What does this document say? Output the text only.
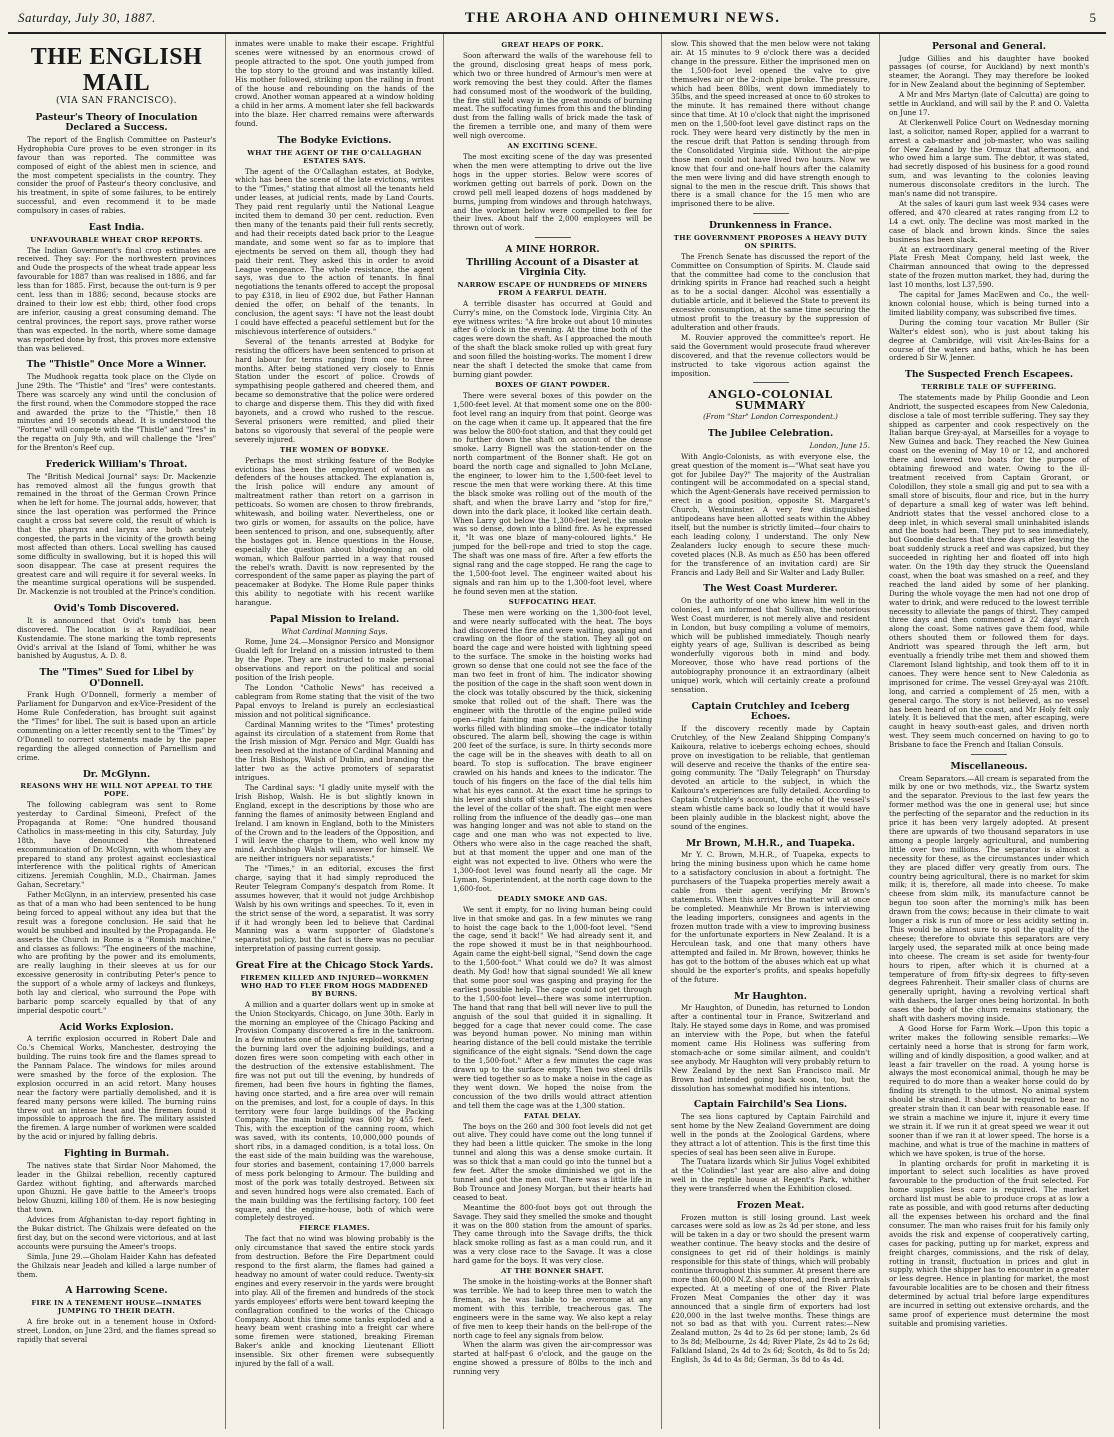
Saturday, July 30, 1887.	THE AROHA AND OHINEMURI NEWS.	5
THE ENGLISH MAIL
(VIA SAN FRANCISCO).
Pasteur's Theory of Inoculation Declared a Success.

The report of the English Committee on Pasteur's Hydrophobia Cure proves to be even stronger in its favour than was reported. The committee was composed of eight of the ablest men in science, and the most competent specialists in the country. They consider the proof of Pasteur's theory conclusive, and his treatment, in spite of some failures, to be entirely successful, and even recommend it to be made compulsory in cases of rabies.

East India.
UNFAVOURABLE WHEAT CROP REPORTS.

The Indian Government's final crop estimates are received. They say: For the northwestern provinces and Oude the prospects of the wheat trade appear less favourable for 1887 than was realised in 1886, and far less than for 1885. First, because the out-turn is 9 per cent. less than in 1886; second, because stocks are drained to their low est ebb; third, other food crops are inferior, causing a great consuming demand. The central provinces, the report says, prove rather worse than was expected. In the north, where some damage was reported done by frost, this proves more extensive than was believed.

The "Thistle" Once More a Winner.

The Mudhook regatta took place on the Clyde on June 29th. The "Thistle" and "Ires" were contestants. There was scarcely any wind until the conclusion of the first round, when the Commodore stopped the race and awarded the prize to the "Thistle," then 18 minutes and 19 seconds ahead. It is understood the "Fortune" will compete with the "Thistle" and "Ires" in the regatta on July 9th, and will challenge the "Ires" for the Brenton's Reef cup.

Frederick William's Throat.

The "British Medical Journal" says: Dr. Mackenzie has removed almost all the fungus growth that remained in the throat of the German Crown Prince when he left for home. The journal adds, however, that since the last operation was performed the Prince caught a cross bat severe cold, the result of which is that the pharynx and larynx are both acutely congested, the parts in the vicinity of the growth being most affected than others. Local swelling has caused some difficulty in swallowing, but it is hoped this will soon disappear. The case at present requires the greatest care and will require it for several weeks. In the meantime surgical operations will be suspended. Dr. Mackenzie is not troubled at the Prince's condition.

Ovid's Tomb Discovered.

It is announced that Ovid's tomb has been discovered. The location is at Rayadikioi, near Kustendamie. The stone marking the tomb represents Ovid's arrival at the Island of Tomi, whither he was banished by Augustus, A. D. 8.

The "Times" Sued for Libel by O'Donnell.

Frank Hugh O'Donnell, formerly a member of Parliament for Dungarvon and ex-Vice-President of the Home Rule Confederation, has brought suit against the "Times" for libel. The suit is based upon an article commenting on a letter recently sent to the "Times" by O'Donnell to correct statements made by the paper regarding the alleged connection of Parnellism and crime.

Dr. McGlynn.
REASONS WHY HE WILL NOT APPEAL TO THE POPE.

The following cablegram was sent to Rome yesterday to Cardinal Simeoni, Prefect of the Propaganda at Rome: "One hundred thousand Catholics in mass-meeting in this city, Saturday, July 18th, have denounced the threatened excommunication of Dr. McGlynn, with whom they are prepared to stand any protest against ecclesiastical interference with the political rights of American citizens. Jeremiah Coughlin, M.D., Chairman. James Gahan, Secretary."

Father McGlynn, in an interview, presented his case as that of a man who had been sentenced to be hung being forced to appeal without any idea but that the result was a foregone conclusion. He said that he would be snubbed and insulted by the Propaganda. He asserts the Church in Rome is a "Romish machine," and classes as follows: "The engineers of the machine, who are profiting by the power and its emoluments, are really laughing in their sleeves at us for our excessive generosity in contributing Peter's pence to the support of a whole army of lackeys and flunkeys, both lay and clerical, who surround the Pope with barbaric pomp scarcely equalled by that of any imperial despotic court."

Acid Works Explosion.

A terrific explosion occurred in Robert Dale and Co.'s Chemical Works, Manchester, destroying the building. The ruins took fire and the flames spread to the Pannam Palace. The windows for miles around were smashed by the force of the explosion. The explosion occurred in an acid retort. Many houses near the factory were partially demolished, and it is feared many persons were killed. The burning ruins threw out an intense heat and the firemen found it impossible to approach the fire. The military assisted the firemen. A large number of workmen were scalded by the acid or injured by falling debris.

Fighting in Burmah.

The natives state that Sirdar Noor Mahomed, the leader in the Ghilzai rebellion, recently captured Gardez without fighting, and afterwards marched upon Ghuzni. He gave battle to the Ameer's troops below Ghuzni, killing 180 of them. He is now besieging that town.

Advices from Afghanistan to-day report fighting in the Bukar district. The Ghilzais were defeated on the first day, but on the second were victorious, and at last accounts were pursuing the Ameer's troops.

Simla, June 29.—Gholam Haider Kahn has defeated the Ghilzais near Jeadeh and killed a large number of them.

A Harrowing Scene.
FIRE IN A TENEMENT HOUSE—INMATES JUMPING TO THEIR DEATH.

A fire broke out in a tenement house in Oxford-street, London, on June 23rd, and the flames spread so rapidly that several

inmates were unable to make their escape. Frightful scenes were witnessed by an enormous crowd of people attracted to the spot. One youth jumped from the top story to the ground and was instantly killed. His mother followed, striking upon the railing in front of the house and rebounding on the hands of the crowd. Another woman appeared at a window holding a child in her arms. A moment later she fell backwards into the blaze. Her charred remains were afterwards found.

The Bodyke Evictions.
WHAT THE AGENT OF THE O'CALLAGHAN ESTATES SAYS.

The agent of the O'Callaghan estates, at Bodyke, which has been the scene of the late evictions, writes to the "Times," stating that almost all the tenants held under leases, at judicial rents, made by Land Courts. They paid rent regularly until the National League incited them to demand 30 per cent. reduction. Even then many of the tenants paid their full rents secretly, and had their receipts dated back prior to the League mandate, and some went so far as to implore that ejectments be served on them all, though they had paid their rent. They asked this in order to avoid League vengeance. The whole resistance, the agent says, was due to the action of tenants. In final negotiations the tenants offered to accept the proposal to pay £318, in lieu of £902 due, but Father Hannan denied the offer, on behalf of the tenants. In conclusion, the agent says: "I have not the least doubt I could have effected a peaceful settlement but for the mischievous interference of outsiders."

Several of the tenants arrested at Bodyke for resisting the officers have been sentenced to prison at hard labour for terms ranging from one to three months. After being stationed very closely to Ennis Station under the escort of police. Crowds of sympathising people gathered and cheered them, and became so demonstrative that the police were ordered to charge and disperse them. This they did with fixed bayonets, and a crowd who rushed to the rescue. Several prisoners were remitted, and plied their batons so vigorously that several of the people were severely injured.

THE WOMEN OF BODYKE.

Perhaps the most striking feature of the Bodyke evictions has been the employment of women as defenders of the houses attacked. The explanation is, the Irish police will endure any amount of maltreatment rather than retort on a garrison in petticoats. So women are chosen to throw firebrands, whitewash, and boiling water. Nevertheless, one or two girls or women, for assaults on the police, have been sentenced to prison, and one, subsequently, after the hostages got in. Hence questions in the House, especially the question about bludgeoning an old woman, which Balfour parried in a way that roused the rebel's wrath. Davitt is now represented by the correspondent of the same paper as playing the part of peacemaker at Bodyke. The Home Rule paper thinks this ability to negotiate with his recent warlike harangue.

Papal Mission to Ireland.
What Cardinal Manning Says.

Rome, June 24.—Monsignor Persico and Monsignor Gualdi left for Ireland on a mission intrusted to them by the Pope. They are instructed to make personal observations and report on the political and social position of the Irish people.

The London "Catholic News" has received a cablegram from Rome stating that the visit of the two Papal envoys to Ireland is purely an ecclesiastical mission and not political significance.

Cardinal Manning writes to the "Times" protesting against its circulation of a statement from Rome that the Irish mission of Mgr. Persico and Mgr. Gualdi has been resolved at the instance of Cardinal Manning and the Irish Bishops, Walsh of Dublin, and branding the latter two as the active promoters of separatist intrigues.

The Cardinal says: "I gladly unite myself with the Irish Bishop, Walsh. He is but slightly known in England, except in the descriptions by those who are fanning the flames of animosity between England and Ireland. I am known in England, both to the Ministers of the Crown and to the leaders of the Opposition, and I will leave the charge to them, who well know my mind. Archbishop Walsh will answer for himself. We are neither intriguers nor separatists."

The "Times," in an editorial, excuses the first charge, saying that it had simply reproduced the Reuter Telegram Company's despatch from Rome. It assumes however, that it would not judge Archbishop Walsh by his own writings and speeches. To it, even in the strict sense of the word, a separatist. It was sorry if it had wrongly been led to believe that Cardinal Manning was a warm supporter of Gladstone's separatist policy, but the fact is there was no peculiar interpretation of passing current gossip.

Great Fire at the Chicago Stock Yards.
FIREMEN KILLED AND INJURED—WORKMEN WHO HAD TO FLEE FROM HOGS MADDENED BY BURNS.

A million and a quarter dollars went up in smoke at the Union Stockyards, Chicago, on June 30th. Early in the morning an employee of the Chicago Packing and Provision Company discovered a fire in the tankroom. In a few minutes one of the tanks exploded, scattering the burning lard over the adjoining buildings, and a dozen fires were soon competing with each other in the destruction of the extensive establishment. The fire was not put out till the evening, by hundreds of firemen, had been five hours in fighting the flames, having once started, and a fire area over will remain on the premises, and lost, for a couple of days. In this territory were four large buildings of the Packing Company. The main building was 600 by 455 feet. This, with the exception of the canning room, which was saved, with its contents, 10,000,000 pounds of short ribs, in a damaged condition, is a total loss. On the east side of the main building was the warehouse, four stories and basement, containing 17,000 barrels of mess pork belonging to Armour. The building and most of the pork was totally destroyed. Between six and seven hundred hogs were also cremated. Each of the main building was the fertilising factory, 100 feet square, and the engine-house, both of which were completely destroyed.

FIERCE FLAMES.

The fact that no wind was blowing probably is the only circumstance that saved the entire stock yards from destruction. Before the Fire Department could respond to the first alarm, the flames had gained a headway no amount of water could reduce. Twenty-six engines and every reservoir in the yards were brought into play. All of the firemen and hundreds of the stock yards employees' efforts were bent toward keeping the conflagration confined to the works of the Chicago Company. About this time some tanks exploded and a heavy beam went crashing into a freight car where some firemen were stationed, breaking Fireman Baker's ankle and knocking Lieutenant Elliott insensible. Six other firemen were subsequently injured by the fall of a wall.

GREAT HEAPS OF PORK.

Soon afterward the walls of the warehouse fell to the ground, disclosing great heaps of mess pork, which two or three hundred of Armour's men were at work removing the best they could. After the flames had consumed most of the woodwork of the building, the fire still held sway in the great mounds of burning meat. The suffocating fumes from this and the blinding dust from the falling walls of brick made the task of the firemen a terrible one, and many of them were well nigh overcome.

AN EXCITING SCENE.

The most exciting scene of the day was presented when the men were attempting to drive out the live hogs in the upper stories. Below were scores of workmen getting out barrels of pork. Down on the crowd pell mell leaped dozens of hogs maddened by burns, jumping from windows and through hatchways, and the workmen below were compelled to flee for their lives. About half the 2,000 employees will be thrown out of work.

A MINE HORROR.
Thrilling Account of a Disaster at Virginia City.
NARROW ESCAPE OF HUNDREDS OF MINERS FROM A FEARFUL DEATH.

A terrible disaster has occurred at Gould and Curry's mine, on the Comstock lode, Virginia City. An eye witness writes: "A fire broke out about 10 minutes after 6 o'clock in the evening. At the time both of the cages were down the shaft. As I approached the mouth of the shaft the black smoke rolled up with great fury and soon filled the hoisting-works. The moment I drew near the shaft I detected the smoke that came from burning giant powder.

BOXES OF GIANT POWDER.

There were several boxes of this powder on the 1,500-feet level. At that moment some one on the 800-foot level rang an inquiry from that point. George was on the cage when it came up. It appeared that the fire was below the 800-foot station, and that they could get no further down the shaft on account of the dense smoke. Larry Bignell was the station-tender on the north compartment of the Bonner shaft. He got on board the north cage and signalled to John McLane, the engineer, to lower him to the 1,500-feet level to rescue the men that were working there. At this time the black smoke was rolling out of the mouth of the shaft, and when the brave Larry and "stop for fire," down into the dark place, it looked like certain death. When Larry got below the 1,300-feet level, the smoke was so dense, down into a blind fire. As he expressed it, "It was one blaze of many-coloured lights." He jumped for the bell-rope and tried to stop the cage. The shaft was one mass of fire. After a few efforts the signal rang and the cage stopped. He rang the cage to the 1,500-foot level. The engineer waited about his signals and ran him up to the 1,300-foot level, where he found seven men at the station.

SUFFOCATING HEAT.

These men were working on the 1,300-foot level, and were nearly suffocated with the heat. The boys had discovered the fire and were waiting, gasping and crawling on the floor of the station. They all got on board the cage and were hoisted with lightning speed to the surface. The smoke in the hoisting works had grown so dense that one could not see the face of the man two feet in front of him. The indicator showing the position of the cage in the shaft soon went down in the clock was totally obscured by the thick, sickening smoke that rolled out of the shaft. There was the engineer with the throttle of the engine pulled wide open—right fainting man on the cage—the hoisting works filled with blinding smoke—the indicator totally obscured. The alarm bell, showing the cage is within 200 feet of the surface, is sure. In thirty seconds more the cage will be in the sheaves with death to all on board. To stop is suffocation. The brave engineer crawled on his hands and knees to the indicator. The touch of his fingers on the face of the dial tells him what his eyes cannot. At the exact time he springs to his lever and shuts off steam just as the cage reaches the level of the collar of the shaft. The eight men were rolling from the influence of the deadly gas—one man was hanging longer and was not able to stand on the cage and one man who was not expected to live. Others who were also in the cage reached the shaft, but at that moment the upper and one man of the eight was not expected to live. Others who were the 1,300-foot level was found nearly all the cage. Mr Lyman, Superintendent, at the north cage down to the 1,600-foot.

DEADLY SMOKE AND GAS.

We sent it empty, for no living human being could live in that smoke and gas. In a few minutes we rang to hoist the cage back to the 1,000-foot level. "Send the cage, send it back!" We had already sent it, and the rope showed it must be in that neighbourhood. Again came the eight-bell signal, "Send down the cage to the 1,500-foot." What could we do? It was almost death. My God! how that signal sounded! We all knew that some poor soul was gasping and praying for the earliest possible help. The cage could not get through to the 1,500-foot level—there was some interruption. The hand that rang that bell will never live to pull the anguish of the soul that guided it in signalling. It begged for a cage that never could come. The case was beyond human power. No mining man within hearing distance of the bell could mistake the terrible significance of the eight signals. "Send down the cage to the 1,500-foot." After a few minutes the cage was drawn up to the surface empty. Then two steel drills were tied together so as to make a noise in the cage as they went down. We hoped the noise from the concussion of the two drills would attract attention and tell them the cage was at the 1,300 station.

FATAL DELAY.

The boys on the 260 and 300 foot levels did not get out alive. They could have come out the long tunnel if they had been a little quicker. The smoke in the long tunnel and along this was a dense smoke curtain. It was so thick that a man could go into the tunnel but a few feet. After the smoke diminished we got in the tunnel and got the men out. There was a little life in Bob Trounce and Jonesy Morgan, but their hearts had ceased to beat.

Meantime the 800-foot boys got out through the Savage. They said they smelled the smoke and thought it was on the 800 station from the amount of sparks. They came through into the Savage drifts, the thick black smoke rolling as fast as a man could run, and it was a very close race to the Savage. It was a close hard game for the boys. It was very close.

AT THE BONNER SHAFT.

The smoke in the hoisting-works at the Bonner shaft was terrible. We had to keep three men to watch the fireman, as he was liable to be overcome at any moment with this terrible, treacherous gas. The engineers were in the same way. We also kept a relay of five men to keep their hands on the bell-rope of the north cage to feel any signals from below.

When the alarm was given the air-compressor was started at half-past 6 o'clock, and the gauge on the engine showed a pressure of 80lbs to the inch and running very

slow. This showed that the men below were not taking air. At 15 minutes to 9 o'clock there was a decided change in the pressure. Either the imprisoned men on the 1,500-foot level opened the valve to give themselves air or the 2-inch pipe broke. The pressure, which had been 80lbs, went down immediately to 35lbs, and the speed increased at once to 60 strokes to the minute. It has remained there without change since that time. At 10 o'clock that night the imprisoned men on the 1,500-foot level gave distinct raps on the rock. They were heard very distinctly by the men in the rescue drift that Patton is sending through from the Consolidated Virginia side. Without the air-pipe those men could not have lived two hours. Now we know that four and one-half hours after the calamity the men were living and did have strength enough to signal to the men in the rescue drift. This shows that there is a small chance for the 15 men who are imprisoned there to be alive.

Drunkenness in France.
THE GOVERNMENT PROPOSES A HEAVY DUTY ON SPIRITS.

The French Senate has discussed the report of the Committee on Consumption of Spirits. M. Claude said that the committee had come to the conclusion that drinking spirits in France had reached such a height as to be a social danger. Alcohol was essentially a dutiable article, and it believed the State to prevent its excessive consumption, at the same time securing the utmost profit to the treasury by the suppression of adulteration and other frauds.

M. Rouvier approved the committee's report. He said the Government would prosecute fraud wherever discovered, and that the revenue collectors would be instructed to take vigorous action against the imposition.

ANGLO-COLONIAL SUMMARY
(From "Star" London Correspondent.)
The Jubilee Celebration.
London, June 15.

With Anglo-Colonists, as with everyone else, the great question of the moment is—"What seat have you got for Jubilee Day?" The majority of the Australian contingent will be accommodated on a special stand, which the Agent-Generals have received permission to erect in a good position, opposite St. Margaret's Church, Westminster. A very few distinguished antipodeans have been allotted seats within the Abbey itself, but the number is strictly limited—four chairs to each leading colony, I understand. The only New Zealanders lucky enough to secure these much-coveted places (N.B. As much as £50 has been offered for the transference of an invitation card) are Sir Francis and Lady Bell and Sir Walter and Lady Buller.

The West Coast Murderer.

On the authority of one who knew him well in the colonies, I am informed that Sullivan, the notorious West Coast murderer, is not merely alive and resident in London, but busy compiling a volume of memoirs, which will be published immediately. Though nearly eighty years of age, Sullivan is described as being wonderfully vigorous both in mind and body. Moreover, those who have read portions of the autobiography pronounce it an extraordinary (albeit unique) work, which will certainly create a profound sensation.

Captain Crutchley and Iceberg Echoes.

If the discovery recently made by Captain Crutchley, of the New Zealand Shipping Company's Kaikoura, relative to icebergs echoing echoes, should prove on investigation to be reliable, that gentleman will deserve and receive the thanks of the entire sea-going community. The "Daily Telegraph" on Thursday devoted an article to the subject, in which the Kaikoura's experiences are fully detailed. According to Captain Crutchley's account, the echo of the vessel's steam whistle came back so loudly that it would have been plainly audible in the blackest night, above the sound of the engines.

Mr Brown, M.H.R., and Tuapeka.

Mr Y. C. Brown, M.H.R., of Tuapeka, expects to bring the mining business upon which he came home to a satisfactory conclusion in about a fortnight. The purchasers of the Tuapeka properties merely await a cable from their agent verifying Mr Brown's statements. When this arrives the matter will at once be completed. Meanwhile Mr Brown is interviewing the leading importers, consignees and agents in the frozen mutton trade with a view to improving business for the unfortunate exporters in New Zealand. It is a Herculean task, and one that many others have attempted and failed in. Mr Brown, however, thinks he has got to the bottom of the abuses which eat up what should be the exporter's profits, and speaks hopefully of the future.

Mr Haughton.

Mr Haughton, of Dunedin, has returned to London after a continental tour in France, Switzerland and Italy. He stayed some days in Rome, and was promised an interview with the Pope, but when the fateful moment came His Holiness was suffering from stomach-ache or some similar ailment, and couldn't see anybody. Mr Haughton will very probably return to New Zealand by the next San Francisco mail. Mr Brown had intended going back soon, too, but the dissolution has somewhat modified his intentions.

Captain Fairchild's Sea Lions.

The sea lions captured by Captain Fairchild and sent home by the New Zealand Government are doing well in the ponds at the Zoological Gardens, where they attract a lot of attention. This is the first time this species of seal has been seen alive in Europe.

The Tuatara lizards which Sir Julius Vogel exhibited at the "Colindies" last year are also alive and doing well in the reptile house at Regent's Park, whither they were transferred when the Exhibition closed.

Frozen Meat.

Frozen mutton is still losing ground. Last week carcases were sold as low as 2s 4d per stone, and less will be taken in a day or two should the present warm weather continue. The heavy stocks and the desire of consignees to get rid of their holdings is mainly responsible for this state of things, which will probably continue throughout this summer. At present there are more than 60,000 N.Z. sheep stored, and fresh arrivals expected. At a meeting of one of the River Plate Frozen Meat Companies the other day it was announced that a single firm of exporters had lost £20,000 in the last twelve months. These things are not so bad as that with you. Current rates:—New Zealand mutton, 2s 4d to 2s 6d per stone; lamb, 2s 6d to 3s 8d; Melbourne, 2s 4d; River Plate, 2s 4d to 2s 6d; Falkland Island, 2s 4d to 2s 6d; Scotch, 4s 8d to 5s 2d; English, 3s 4d to 4s 8d; German, 3s 8d to 4s 4d.

Personal and General.

Judge Gillies and his daughter have booked passages (of course, for Auckland) by next month's steamer, the Aorangi. They may therefore be looked for in New Zealand about the beginning of September.

A Mr and Mrs Martyn (late of Calcutta) are going to settle in Auckland, and will sail by the P. and O. Valetta on June 17.

At Clerkenwell Police Court on Wednesday morning last, a solicitor, named Roper, applied for a warrant to arrest a cab-master and job-master, who was sailing for New Zealand by the Ormuz that afternoon, and who owed him a large sum. The debtor, it was stated, had secretly disposed of his business for a good round sum, and was levanting to the colonies leaving numerous disconsolate creditors in the lurch. The man's name did not transpire.

At the sales of kauri gum last week 934 cases were offered, and 470 cleared at rates ranging from L2 to L4 a cwt. only. The decline was most marked in the case of black and brown kinds. Since the sales business has been slack.

At an extraordinary general meeting of the River Plate Fresh Meat Company, held last week, the Chairman announced that owing to the depressed state of the frozen mutton market, they had, during the last 10 months, lost L37,590.

The capital for James MacEwen and Co., the well-known colonial house, which is being turned into a limited liability company, was subscribed five times.

During the coming tour vacation Mr Buller (Sir Walter's eldest son), who is just about taking his degree at Cambridge, will visit Aix-les-Bains for a course of the waters and baths, which he has been ordered b Sir W. Jenner.

The Suspected French Escapees.
TERRIBLE TALE OF SUFFERING.

The statements made by Philip Goondie and Leon Andriott, the suspected escapees from New Caledonia, disclose a tale of most terrible suffering. They say they shipped as carpenter and cook respectively on the Italian barque Grey-ayal, at Marseilles for a voyage to New Guinea and back. They reached the New Guinea coast on the evening of May 10 or 12, and anchored there and lowered two boats for the purpose of obtaining firewood and water. Owing to the ill-treatment received from Captain Grorant, or Colodillon, they stole a small gig and put to sea with a small store of biscuits, flour and rice, but in the hurry of departure a small keg of water was left behind. Andriott states that the vessel anchored close to a deep inlet, in which several small uninhabited islands and the boats had been. They put to sea immediately, but Goondie declares that three days after leaving the boat suddenly struck a reef and was capsized, but they succeeded in righting her and floated off into high water. On the 19th day they struck the Queensland coast, when the boat was smashed on a reef, and they reached the land aided by some of her planking. During the whole voyage the men had not one drop of water to drink, and were reduced to the lowest terrible necessity to alleviate the pangs of thirst. They camped three days and then commenced a 22 days' march along the coast. Some natives gave them food, while others shouted them or followed them for days. Andriott was speared through the left arm, but eventually a friendly tribe met them and showed them Claremont Island lightship, and took them off to it in canoes. They were hence sent to New Caledonia as imprisoned for crime. The vessel Grey-ayal was 210ft. long, and carried a complement of 25 men, with a general cargo. The story is not believed, as no vessel has been heard of on the coast, and Mr Holy felt only lately. It is believed that the men, after escaping, were caught in heavy south-east gales, and driven north west. They seem much concerned on having to go to Brisbane to face the French and Italian Consuls.

Miscellaneous.

Cream Separators.—All cream is separated from the milk by one or two methods, viz., the Swartz system and the separator. Previous to the last few years the former method was the one in general use; but since the perfecting of the separator and the reduction in its price it has been very largely adopted. At present there are upwards of two thousand separators in use among a people largely agricultural, and numbering little over two millions. The separator is almost a necessity for these, as the circumstances under which they are placed differ very greatly from ours. The country being agricultural, there is no market for skim milk; it is, therefore, all made into cheese. To make cheese from skim milk, its manufacture cannot be begun too soon after the morning's milk has been drawn from the cows; because in their climate to wait longer a risk is run of more or less acidity setting in. This would be almost sure to spoil the quality of the cheese; therefore to obviate this separators are very largely used, the separated milk at once being made into cheese. The cream is set aside for twenty-four hours to ripen, after which it is churned at a temperature of from fifty-six degrees to fifty-seven degrees Fahrenheit. Their smaller class of churns are generally upright, having a revolving vertical shaft with dashers, the larger ones being horizontal. In both cases the body of the churn remains stationary, the shaft with dashers moving inside.

A Good Horse for Farm Work.—Upon this topic a writer makes the following sensible remarks:—We certainly need a horse that is strong for farm work, willing and of kindly disposition, a good walker, and at least a fair traveller on the road. A young horse is always the most economical animal, though he may be required to do more than a weaker horse could do by finding its strength to the utmost. No animal system should be strained. It should be required to bear no greater strain than it can bear with reasonable ease. If we strain a machine we injure it, injure it every time we strain it. If we run it at great speed we wear it out sooner than if we ran it at lower speed. The horse is a machine, and what is true of the machine in matters of which we have spoken, is true of the horse.

In planting orchards for profit in marketing it is important to select such localities as have proved favourable to the production of the fruit selected. For home supplies less care is required. The market orchard list must be able to produce crops at as low a rate as possible, and with good returns after deducting all the expenses between his orchard and the final consumer. The man who raises fruit for his family only avoids the risk and expense of cooperatively carting, cases for packing, putting up for market, express and freight charges, commissions, and the risk of delay, rotting in transit, fluctuation in prices and glut in supply, which the shipper has to encounter in a greater or less degree. Hence in planting for market, the most favourable localities are to be chosen and their fitness determined by actual trial before large expenditures are incurred in setting out extensive orchards, and the same proof of experience must determine the most suitable and promising varieties.
